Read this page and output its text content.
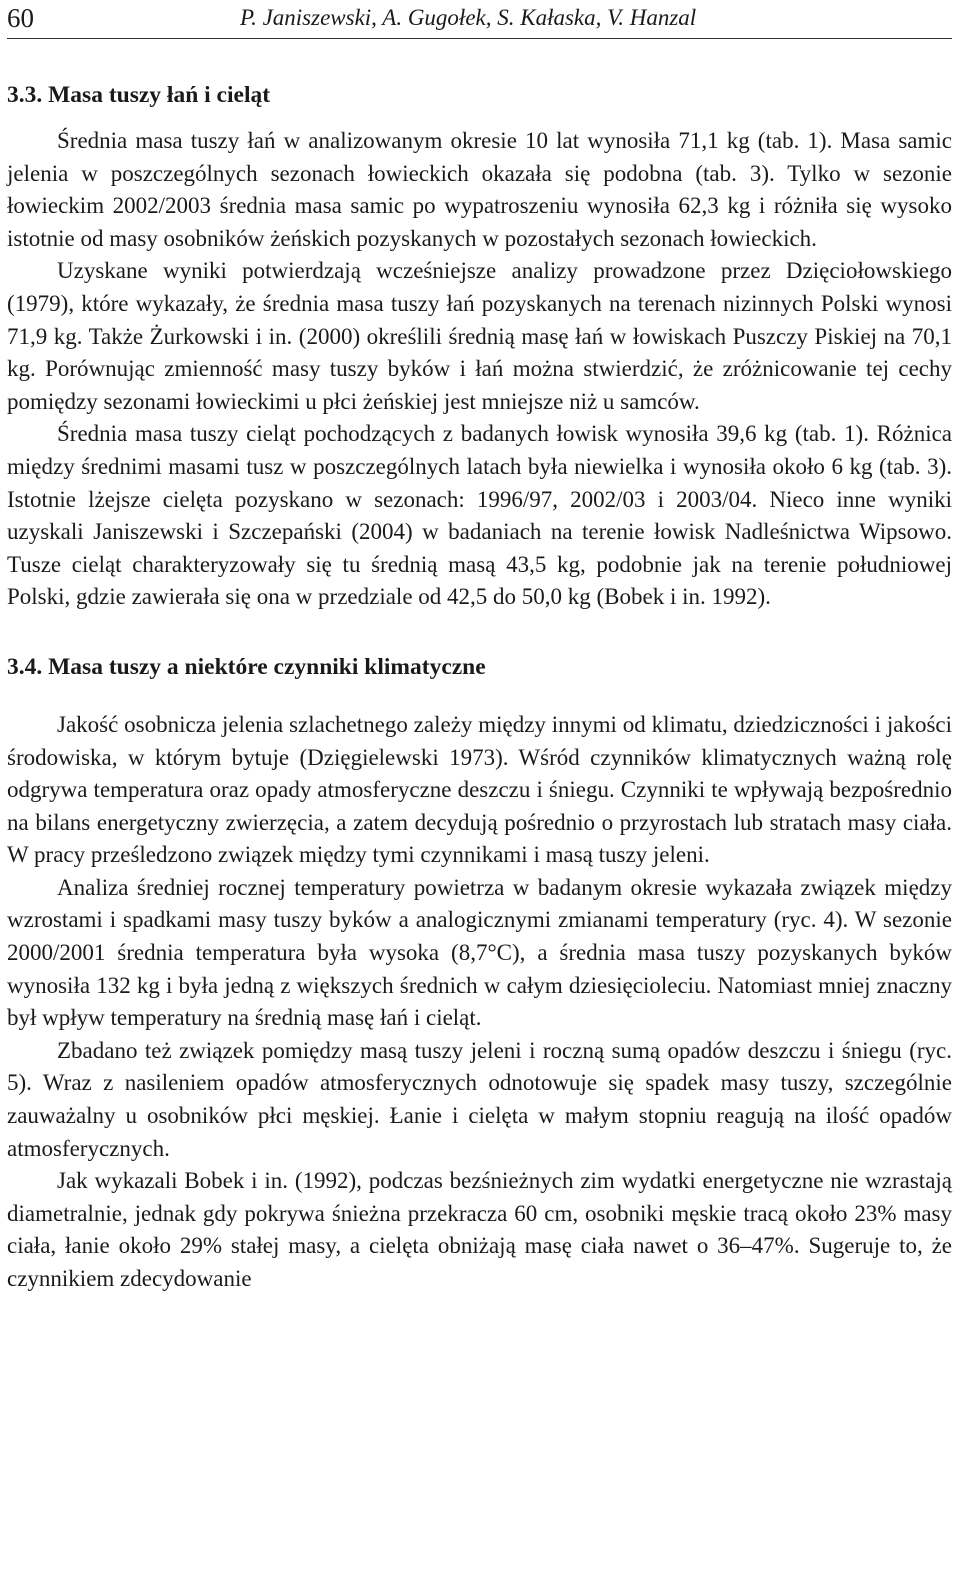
60	P. Janiszewski, A. Gugołek, S. Kałaska, V. Hanzal
3.3. Masa tuszy łań i cieląt

Średnia masa tuszy łań w analizowanym okresie 10 lat wynosiła 71,1 kg (tab. 1). Masa samic jelenia w poszczególnych sezonach łowieckich okazała się podobna (tab. 3). Tylko w sezonie łowieckim 2002/2003 średnia masa samic po wypatroszeniu wynosiła 62,3 kg i różniła się wysoko istotnie od masy osobników żeńskich pozyskanych w pozostałych sezonach łowieckich.

Uzyskane wyniki potwierdzają wcześniejsze analizy prowadzone przez Dzięciołowskiego (1979), które wykazały, że średnia masa tuszy łań pozyskanych na terenach nizinnych Polski wynosi 71,9 kg. Także Żurkowski i in. (2000) określili średnią masę łań w łowiskach Puszczy Piskiej na 70,1 kg. Porównując zmienność masy tuszy byków i łań można stwierdzić, że zróżnicowanie tej cechy pomiędzy sezonami łowieckimi u płci żeńskiej jest mniejsze niż u samców.

Średnia masa tuszy cieląt pochodzących z badanych łowisk wynosiła 39,6 kg (tab. 1). Różnica między średnimi masami tusz w poszczególnych latach była niewielka i wynosiła około 6 kg (tab. 3). Istotnie lżejsze cielęta pozyskano w sezonach: 1996/97, 2002/03 i 2003/04. Nieco inne wyniki uzyskali Janiszewski i Szczepański (2004) w badaniach na terenie łowisk Nadleśnictwa Wipsowo. Tusze cieląt charakteryzowały się tu średnią masą 43,5 kg, podobnie jak na terenie południowej Polski, gdzie zawierała się ona w przedziale od 42,5 do 50,0 kg (Bobek i in. 1992).

3.4. Masa tuszy a niektóre czynniki klimatyczne

Jakość osobnicza jelenia szlachetnego zależy między innymi od klimatu, dziedziczności i jakości środowiska, w którym bytuje (Dzięgielewski 1973). Wśród czynników klimatycznych ważną rolę odgrywa temperatura oraz opady atmosferyczne deszczu i śniegu. Czynniki te wpływają bezpośrednio na bilans energetyczny zwierzęcia, a zatem decydują pośrednio o przyrostach lub stratach masy ciała. W pracy prześledzono związek między tymi czynnikami i masą tuszy jeleni.

Analiza średniej rocznej temperatury powietrza w badanym okresie wykazała związek między wzrostami i spadkami masy tuszy byków a analogicznymi zmianami temperatury (ryc. 4). W sezonie 2000/2001 średnia temperatura była wysoka (8,7°C), a średnia masa tuszy pozyskanych byków wynosiła 132 kg i była jedną z większych średnich w całym dziesięcioleciu. Natomiast mniej znaczny był wpływ temperatury na średnią masę łań i cieląt.

Zbadano też związek pomiędzy masą tuszy jeleni i roczną sumą opadów deszczu i śniegu (ryc. 5). Wraz z nasileniem opadów atmosferycznych odnotowuje się spadek masy tuszy, szczególnie zauważalny u osobników płci męskiej. Łanie i cielęta w małym stopniu reagują na ilość opadów atmosferycznych.

Jak wykazali Bobek i in. (1992), podczas bezśnieżnych zim wydatki energetyczne nie wzrastają diametralnie, jednak gdy pokrywa śnieżna przekracza 60 cm, osobniki męskie tracą około 23% masy ciała, łanie około 29% stałej masy, a cielęta obniżają masę ciała nawet o 36–47%. Sugeruje to, że czynnikiem zdecydowanie
